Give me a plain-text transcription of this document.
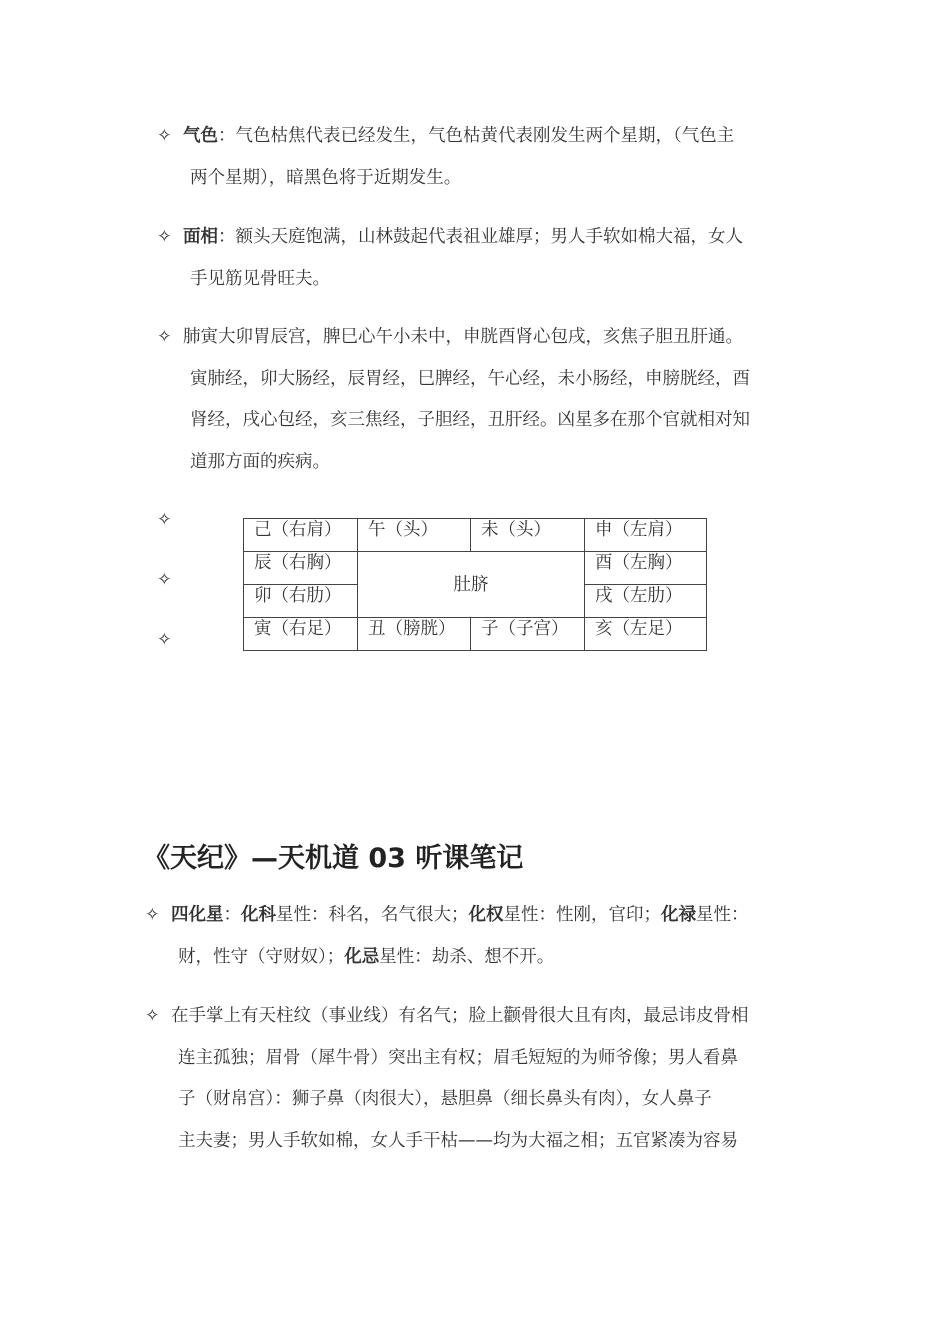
✧ 气色：气色枯焦代表已经发生，气色枯黄代表刚发生两个星期，（气色主
两个星期），暗黑色将于近期发生。
✧ 面相：额头天庭饱满，山林鼓起代表祖业雄厚；男人手软如棉大福，女人
手见筋见骨旺夫。
✧ 肺寅大卯胃辰宫，脾巳心午小未中，申胱酉肾心包戌，亥焦子胆丑肝通。
寅肺经，卯大肠经，辰胃经，巳脾经，午心经，未小肠经，申膀胱经，酉
肾经，戌心包经，亥三焦经，子胆经，丑肝经。凶星多在那个官就相对知
道那方面的疾病。
✧
✧
✧
己（右肩）	午（头）	未（头）	申（左肩）
辰（右胸）	肚脐		酉（左胸）
卯（右肋）			戌（左肋）
寅（右足）	丑（膀胱）	子（子宫）	亥（左足）
《天纪》—天机道 03 听课笔记
✧ 四化星：化科星性：科名，名气很大；化权星性：性刚，官印；化禄星性：
财，性守（守财奴）；化忌星性：劫杀、想不开。
✧ 在手掌上有天柱纹（事业线）有名气；脸上颧骨很大且有肉，最忌讳皮骨相
连主孤独；眉骨（犀牛骨）突出主有权；眉毛短短的为师爷像；男人看鼻
子（财帛宫）：狮子鼻（肉很大），悬胆鼻（细长鼻头有肉），女人鼻子
主夫妻；男人手软如棉，女人手干枯——均为大福之相；五官紧凑为容易
